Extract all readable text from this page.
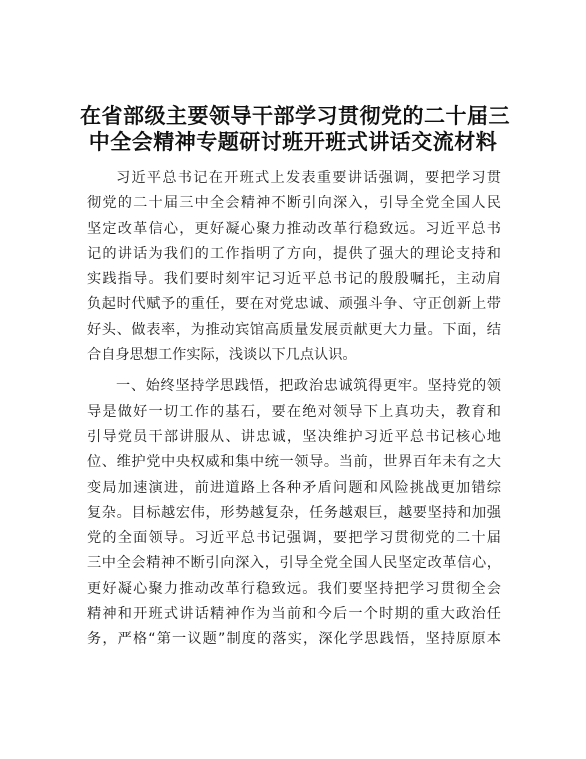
在省部级主要领导干部学习贯彻党的二十届三
中全会精神专题研讨班开班式讲话交流材料

习近平总书记在开班式上发表重要讲话强调，要把学习贯
彻党的二十届三中全会精神不断引向深入，引导全党全国人民
坚定改革信心，更好凝心聚力推动改革行稳致远。习近平总书
记的讲话为我们的工作指明了方向，提供了强大的理论支持和
实践指导。我们要时刻牢记习近平总书记的殷殷嘱托，主动肩
负起时代赋予的重任，要在对党忠诚、顽强斗争、守正创新上带
好头、做表率，为推动宾馆高质量发展贡献更大力量。下面，结
合自身思想工作实际，浅谈以下几点认识。

一、始终坚持学思践悟，把政治忠诚筑得更牢。坚持党的领
导是做好一切工作的基石，要在绝对领导下上真功夫，教育和
引导党员干部讲服从、讲忠诚，坚决维护习近平总书记核心地
位、维护党中央权威和集中统一领导。当前，世界百年未有之大
变局加速演进，前进道路上各种矛盾问题和风险挑战更加错综
复杂。目标越宏伟，形势越复杂，任务越艰巨，越要坚持和加强
党的全面领导。习近平总书记强调，要把学习贯彻党的二十届
三中全会精神不断引向深入，引导全党全国人民坚定改革信心，
更好凝心聚力推动改革行稳致远。我们要坚持把学习贯彻全会
精神和开班式讲话精神作为当前和今后一个时期的重大政治任
务，严格“第一议题”制度的落实，深化学思践悟，坚持原原本
